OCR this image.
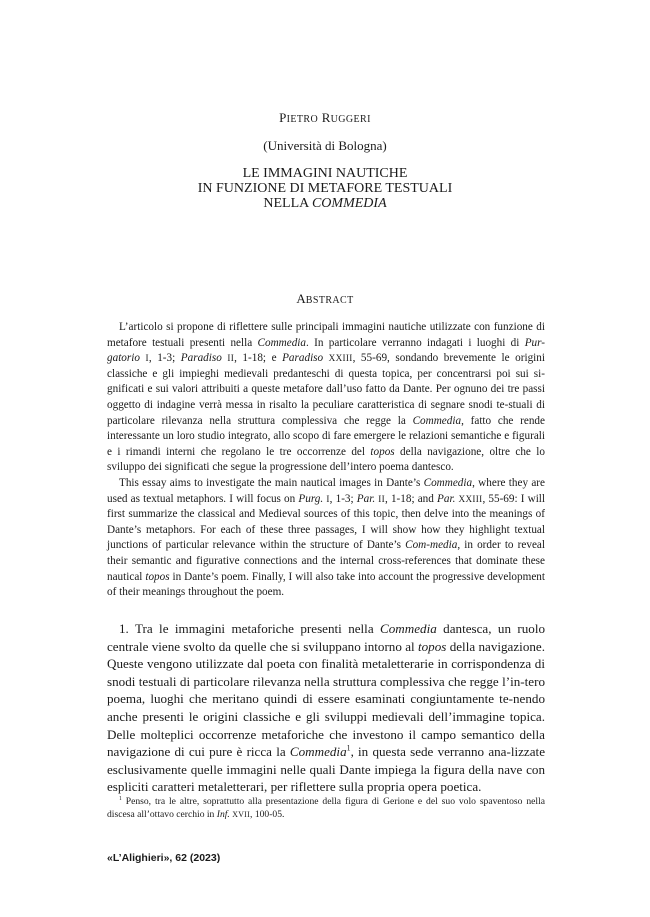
PIETRO RUGGERI
(Università di Bologna)
LE IMMAGINI NAUTICHE
IN FUNZIONE DI METAFORE TESTUALI
NELLA COMMEDIA
ABSTRACT
L’articolo si propone di riflettere sulle principali immagini nautiche utilizzate con funzione di metafore testuali presenti nella Commedia. In particolare verranno indagati i luoghi di Pur-gatorio I, 1-3; Paradiso II, 1-18; e Paradiso XXIII, 55-69, sondando brevemente le origini classiche e gli impieghi medievali predanteschi di questa topica, per concentrarsi poi sui si-gnificati e sui valori attribuiti a queste metafore dall’uso fatto da Dante. Per ognuno dei tre passi oggetto di indagine verrà messa in risalto la peculiare caratteristica di segnare snodi te-stuali di particolare rilevanza nella struttura complessiva che regge la Commedia, fatto che rende interessante un loro studio integrato, allo scopo di fare emergere le relazioni semantiche e figurali e i rimandi interni che regolano le tre occorrenze del topos della navigazione, oltre che lo sviluppo dei significati che segue la progressione dell’intero poema dantesco.
This essay aims to investigate the main nautical images in Dante’s Commedia, where they are used as textual metaphors. I will focus on Purg. I, 1-3; Par. II, 1-18; and Par. XXIII, 55-69: I will first summarize the classical and Medieval sources of this topic, then delve into the meanings of Dante’s metaphors. For each of these three passages, I will show how they highlight textual junctions of particular relevance within the structure of Dante’s Com-media, in order to reveal their semantic and figurative connections and the internal cross-references that dominate these nautical topos in Dante’s poem. Finally, I will also take into account the progressive development of their meanings throughout the poem.
1. Tra le immagini metaforiche presenti nella Commedia dantesca, un ruolo centrale viene svolto da quelle che si sviluppano intorno al topos della navigazione. Queste vengono utilizzate dal poeta con finalità metaletterarie in corrispondenza di snodi testuali di particolare rilevanza nella struttura complessiva che regge l’in-tero poema, luoghi che meritano quindi di essere esaminati congiuntamente te-nendo anche presenti le origini classiche e gli sviluppi medievali dell’immagine topica. Delle molteplici occorrenze metaforiche che investono il campo semantico della navigazione di cui pure è ricca la Commedia$^1$, in questa sede verranno ana-lizzate esclusivamente quelle immagini nelle quali Dante impiega la figura della nave con espliciti caratteri metaletterari, per riflettere sulla propria opera poetica.
$^1$ Penso, tra le altre, soprattutto alla presentazione della figura di Gerione e del suo volo spaventoso nella discesa all’ottavo cerchio in Inf. XVII, 100-05.
«L’Alighieri», 62 (2023)
